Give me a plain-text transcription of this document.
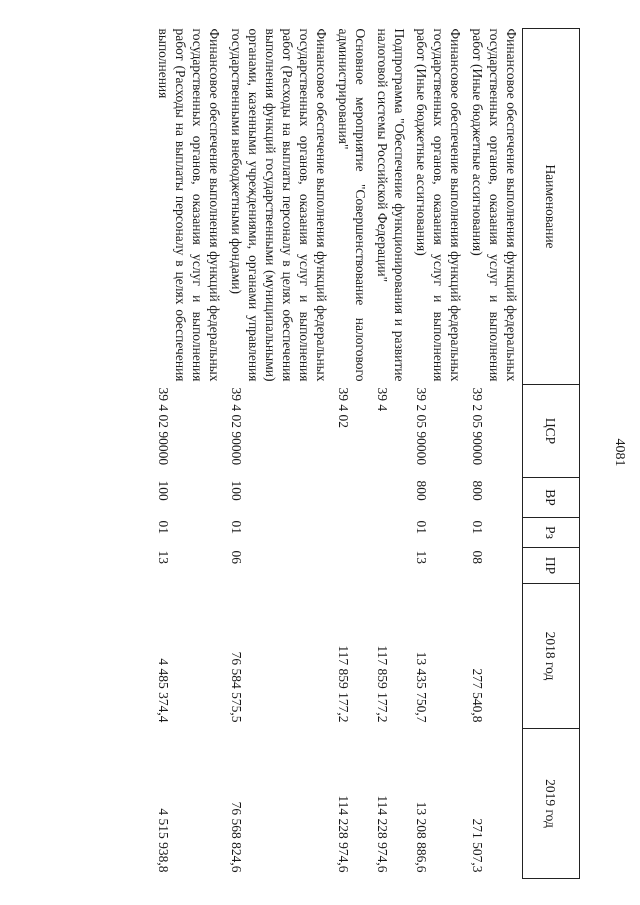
4081
Наименование	ЦСР	ВР	Рз	ПР	2018 год	2019 год
Финансовое обеспечение выполнения функций федеральных государственных органов, оказания услуг и выполнения работ (Иные бюджетные ассигнования)	39 2 05 90000	800	01	08	277 540,8	271 507,3
Финансовое обеспечение выполнения функций федеральных государственных органов, оказания услуг и выполнения работ (Иные бюджетные ассигнования)	39 2 05 90000	800	01	13	13 435 750,7	13 208 886,6
Подпрограмма "Обеспечение функционирования и развитие налоговой системы Российской Федерации"	39 4				117 859 177,2	114 228 974,6
Основное мероприятие "Совершенствование налогового администрирования"	39 4 02				117 859 177,2	114 228 974,6
Финансовое обеспечение выполнения функций федеральных государственных органов, оказания услуг и выполнения работ (Расходы на выплаты персоналу в целях обеспечения выполнения функций государственными (муниципальными) органами, казенными учреждениями, органами управления государственными внебюджетными фондами)	39 4 02 90000	100	01	06	76 584 575,5	76 568 824,6
Финансовое обеспечение выполнения функций федеральных государственных органов, оказания услуг и выполнения работ (Расходы на выплаты персоналу в целях обеспечения выполнения	39 4 02 90000	100	01	13	4 485 374,4	4 515 938,8
